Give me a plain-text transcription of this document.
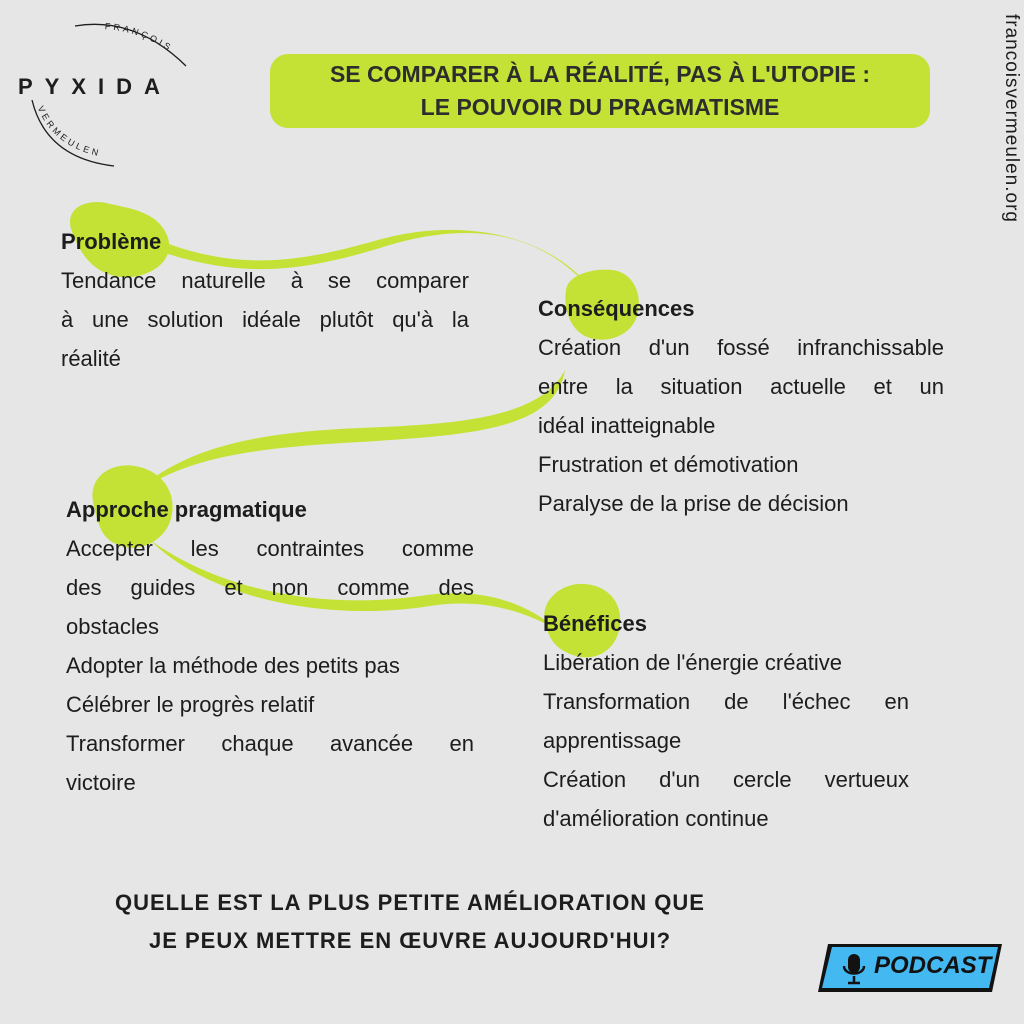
FRANÇOIS
VERMEULEN
PYXIDA	SE COMPARER À LA RÉALITÉ, PAS À L'UTOPIE :
LE POUVOIR DU PRAGMATISME	francoisvermeulen.org
Problème
Tendance naturelle à se comparer
à une solution idéale plutôt qu'à la
réalité
Conséquences
Création d'un fossé infranchissable
entre la situation actuelle et un
idéal inatteignable
Frustration et démotivation
Paralyse de la prise de décision
Approche pragmatique
Accepter les contraintes comme
des guides et non comme des
obstacles
Adopter la méthode des petits pas
Célébrer le progrès relatif
Transformer chaque avancée en
victoire
Bénéfices
Libération de l'énergie créative
Transformation de l'échec en
apprentissage
Création d'un cercle vertueux
d'amélioration continue
QUELLE EST LA PLUS PETITE AMÉLIORATION QUE
JE PEUX METTRE EN ŒUVRE AUJOURD'HUI?
PODCAST
